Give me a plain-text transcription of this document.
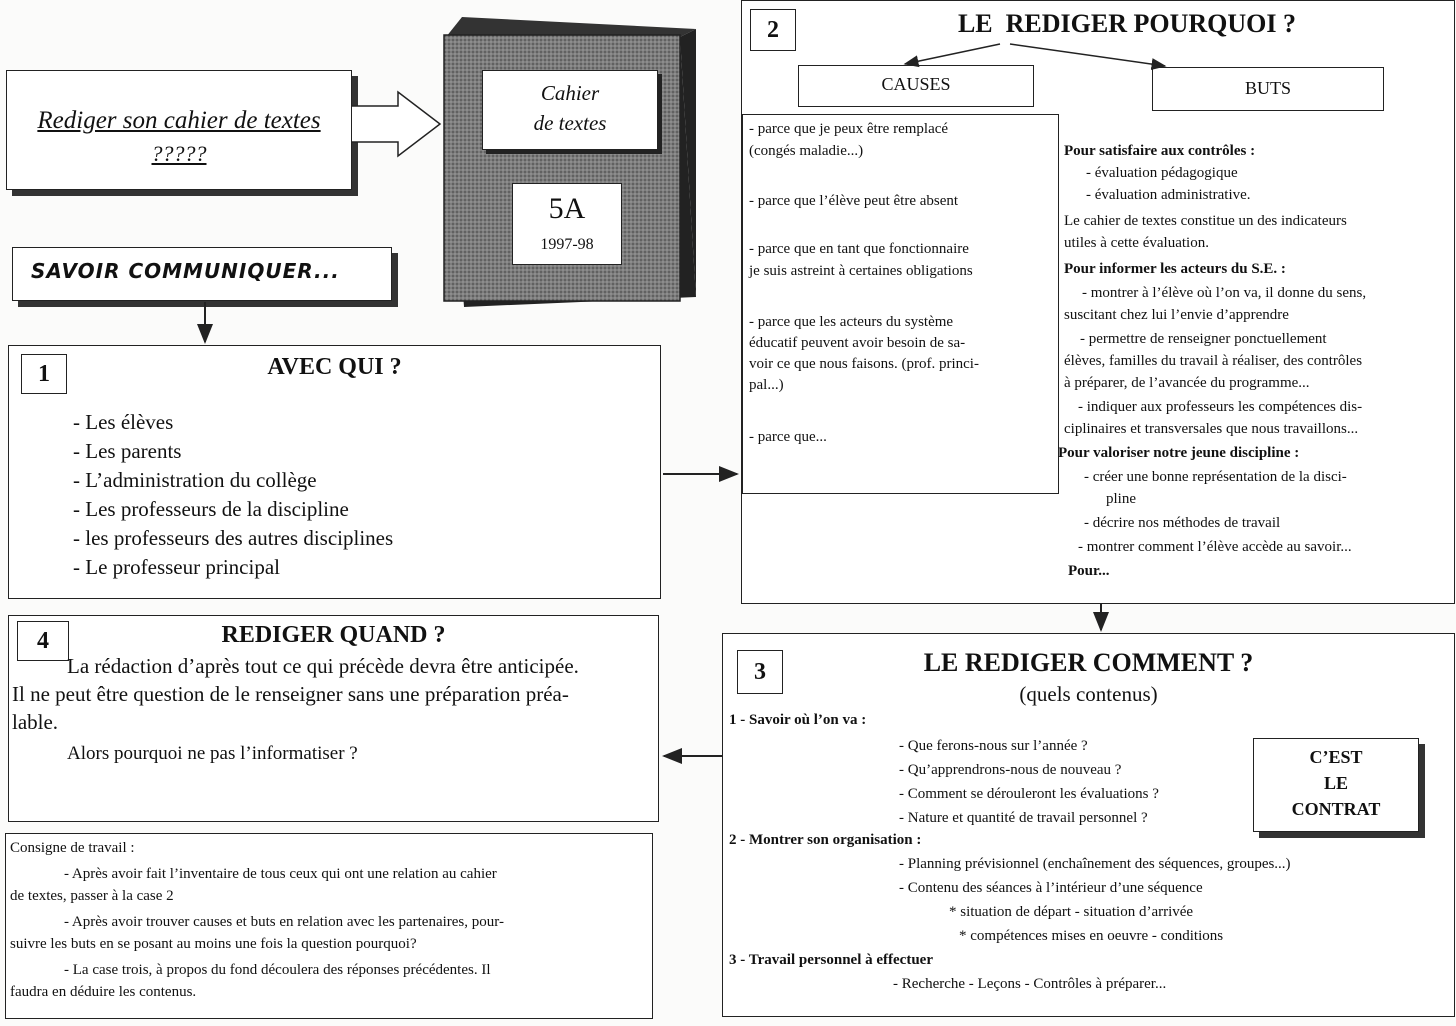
Rediger son cahier de textes
?????
Cahier
de textes
5A
1997-98
SAVOIR COMMUNIQUER...
1	AVEC QUI ?
- Les élèves
- Les parents
- L’administration du collège
- Les professeurs de la discipline
- les professeurs des autres disciplines
- Le professeur principal
2	LE  REDIGER POURQUOI ?
CAUSES	BUTS
- parce que je peux être remplacé
(congés maladie...)
- parce que l’élève peut être absent
- parce que en tant que fonctionnaire
je suis astreint à certaines obligations
- parce que les acteurs du système
éducatif peuvent avoir besoin de sa-
voir ce que nous faisons. (prof. princi-
pal...)
- parce que...
Pour satisfaire aux contrôles :
- évaluation pédagogique
- évaluation administrative.
Le cahier de textes constitue un des indicateurs
utiles à cette évaluation.
Pour informer les acteurs du S.E. :
- montrer à l’élève où l’on va, il donne du sens,
suscitant chez lui l’envie d’apprendre
- permettre de renseigner ponctuellement
élèves, familles du travail à réaliser, des contrôles
à préparer, de l’avancée du programme...
- indiquer aux professeurs les compétences dis-
ciplinaires et transversales que nous travaillons...
Pour valoriser notre jeune discipline :
- créer une bonne représentation de la disci-
pline
- décrire nos méthodes de travail
- montrer comment l’élève accède au savoir...
Pour...
3	LE REDIGER COMMENT ?
(quels contenus)
C’EST
LE
CONTRAT
1 - Savoir où l’on va :
- Que ferons-nous sur l’année ?
- Qu’apprendrons-nous de nouveau ?
- Comment se dérouleront les évaluations ?
- Nature et quantité de travail personnel ?
2 - Montrer son organisation :
- Planning prévisionnel (enchaînement des séquences, groupes...)
- Contenu des séances à l’intérieur d’une séquence
* situation de départ - situation d’arrivée
* compétences mises en oeuvre - conditions
3 - Travail personnel à effectuer
- Recherche - Leçons - Contrôles à préparer...
4	REDIGER QUAND ?
La rédaction d’après tout ce qui précède devra être anticipée.
Il ne peut être question de le renseigner sans une préparation préa-
lable.
Alors pourquoi ne pas l’informatiser ?
Consigne de travail :
- Après avoir fait l’inventaire de tous ceux qui ont une relation au cahier
de textes, passer à la case 2
- Après avoir trouver causes et buts en relation avec les partenaires, pour-
suivre les buts en se posant au moins une fois la question pourquoi?
- La case trois, à propos du fond découlera des réponses précédentes. Il
faudra en déduire les contenus.
